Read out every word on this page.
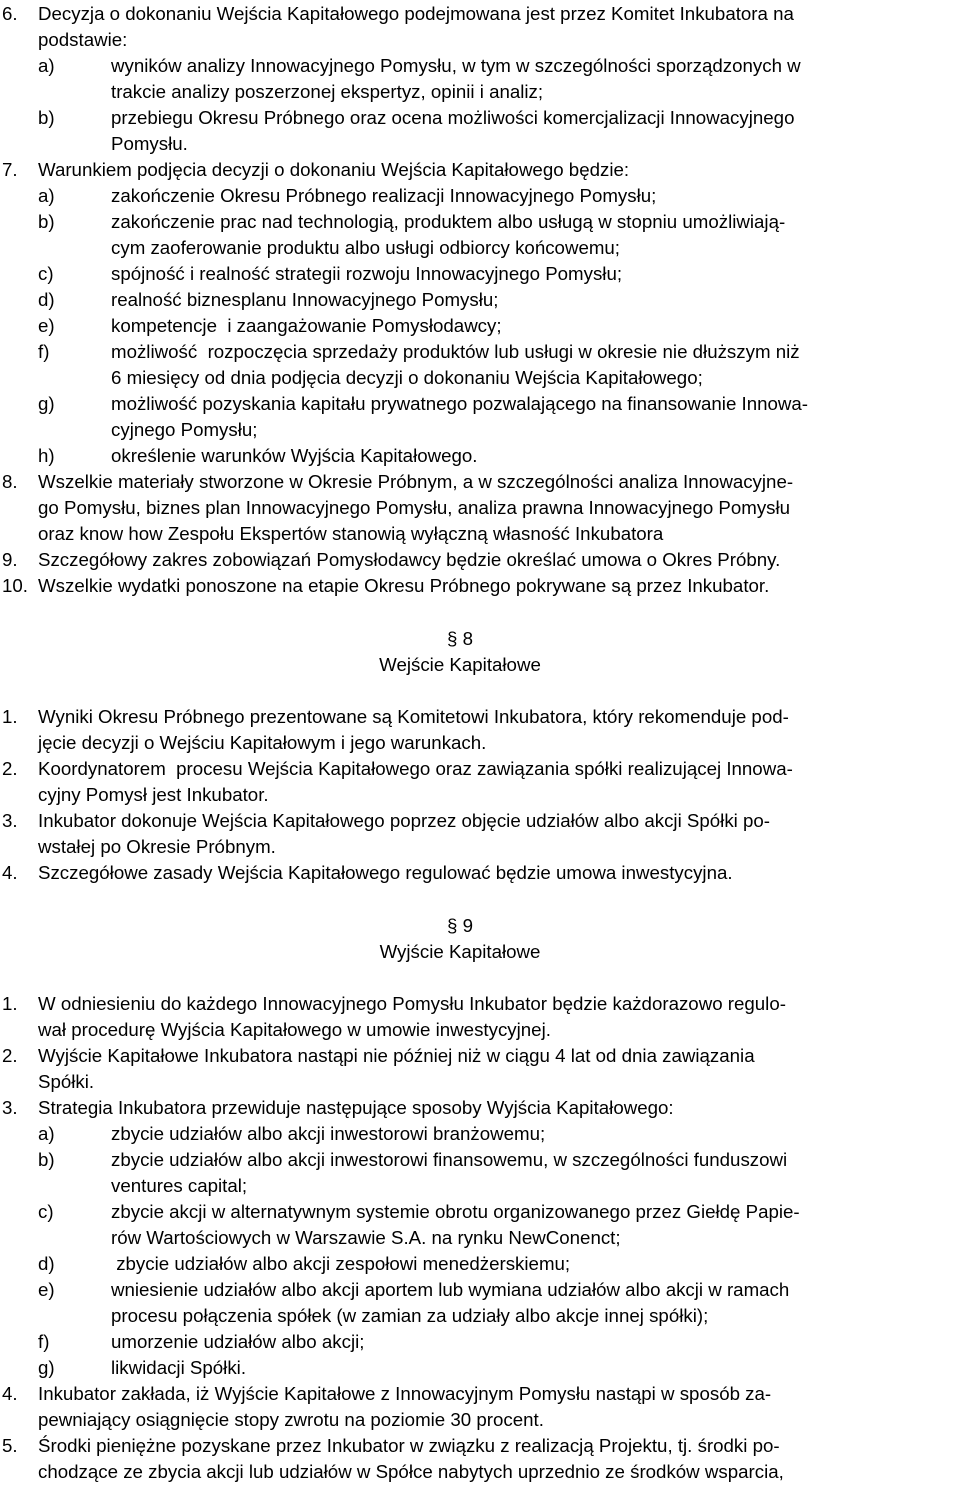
6. Decyzja o dokonaniu Wejścia Kapitałowego podejmowana jest przez Komitet Inkubatora na
podstawie:
a)	wyników analizy Innowacyjnego Pomysłu, w tym w szczególności sporządzonych w
trakcie analizy poszerzonej ekspertyz, opinii i analiz;
b)	przebiegu Okresu Próbnego oraz ocena możliwości komercjalizacji Innowacyjnego
Pomysłu.
7. Warunkiem podjęcia decyzji o dokonaniu Wejścia Kapitałowego będzie:
a)	zakończenie Okresu Próbnego realizacji Innowacyjnego Pomysłu;
b)	zakończenie prac nad technologią, produktem albo usługą w stopniu umożliwiają-
cym zaoferowanie produktu albo usługi odbiorcy końcowemu;
c)	spójność i realność strategii rozwoju Innowacyjnego Pomysłu;
d)	realność biznesplanu Innowacyjnego Pomysłu;
e)	kompetencje  i zaangażowanie Pomysłodawcy;
f)	możliwość  rozpoczęcia sprzedaży produktów lub usługi w okresie nie dłuższym niż
6 miesięcy od dnia podjęcia decyzji o dokonaniu Wejścia Kapitałowego;
g)	możliwość pozyskania kapitału prywatnego pozwalającego na finansowanie Innowa-
cyjnego Pomysłu;
h)	określenie warunków Wyjścia Kapitałowego.
8. Wszelkie materiały stworzone w Okresie Próbnym, a w szczególności analiza Innowacyjne-
go Pomysłu, biznes plan Innowacyjnego Pomysłu, analiza prawna Innowacyjnego Pomysłu
oraz know how Zespołu Ekspertów stanowią wyłączną własność Inkubatora
9. Szczegółowy zakres zobowiązań Pomysłodawcy będzie określać umowa o Okres Próbny.
10. Wszelkie wydatki ponoszone na etapie Okresu Próbnego pokrywane są przez Inkubator.
§ 8
Wejście Kapitałowe
1. Wyniki Okresu Próbnego prezentowane są Komitetowi Inkubatora, który rekomenduje pod-
jęcie decyzji o Wejściu Kapitałowym i jego warunkach.
2. Koordynatorem  procesu Wejścia Kapitałowego oraz zawiązania spółki realizującej Innowa-
cyjny Pomysł jest Inkubator.
3. Inkubator dokonuje Wejścia Kapitałowego poprzez objęcie udziałów albo akcji Spółki po-
wstałej po Okresie Próbnym.
4. Szczegółowe zasady Wejścia Kapitałowego regulować będzie umowa inwestycyjna.
§ 9
Wyjście Kapitałowe
1. W odniesieniu do każdego Innowacyjnego Pomysłu Inkubator będzie każdorazowo regulo-
wał procedurę Wyjścia Kapitałowego w umowie inwestycyjnej.
2. Wyjście Kapitałowe Inkubatora nastąpi nie później niż w ciągu 4 lat od dnia zawiązania
Spółki.
3. Strategia Inkubatora przewiduje następujące sposoby Wyjścia Kapitałowego:
a)	zbycie udziałów albo akcji inwestorowi branżowemu;
b)	zbycie udziałów albo akcji inwestorowi finansowemu, w szczególności funduszowi
ventures capital;
c)	zbycie akcji w alternatywnym systemie obrotu organizowanego przez Giełdę Papie-
rów Wartościowych w Warszawie S.A. na rynku NewConenct;
d)	zbycie udziałów albo akcji zespołowi menedżerskiemu;
e)	wniesienie udziałów albo akcji aportem lub wymiana udziałów albo akcji w ramach
procesu połączenia spółek (w zamian za udziały albo akcje innej spółki);
f)	umorzenie udziałów albo akcji;
g)	likwidacji Spółki.
4. Inkubator zakłada, iż Wyjście Kapitałowe z Innowacyjnym Pomysłu nastąpi w sposób za-
pewniający osiągnięcie stopy zwrotu na poziomie 30 procent.
5. Środki pieniężne pozyskane przez Inkubator w związku z realizacją Projektu, tj. środki po-
chodzące ze zbycia akcji lub udziałów w Spółce nabytych uprzednio ze środków wsparcia,
